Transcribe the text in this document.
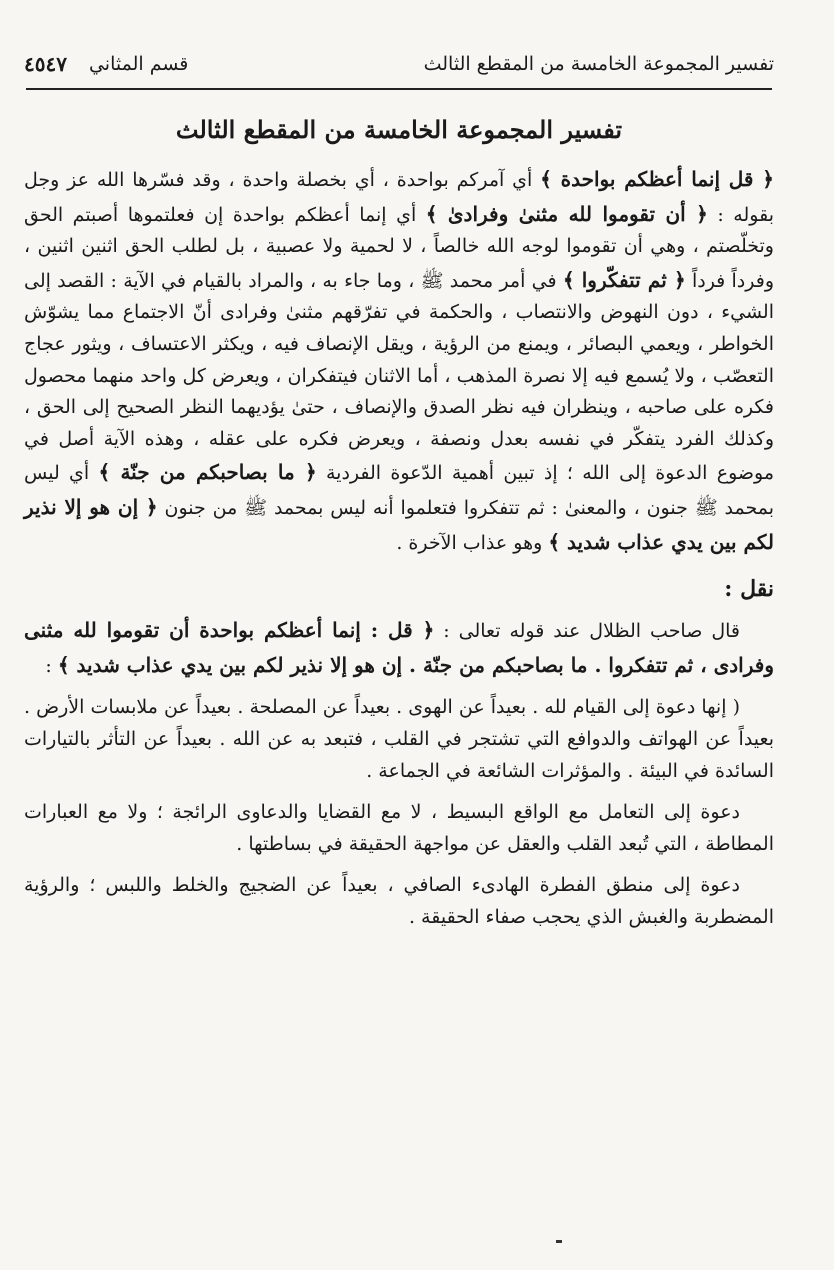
تفسير المجموعة الخامسة من المقطع الثالث
قسم المثاني
٤٥٤٧
تفسير المجموعة الخامسة من المقطع الثالث

﴿ قل إنما أعظكم بواحدة ﴾ أي آمركم بواحدة ، أي بخصلة واحدة ، وقد فسّرها الله عز وجل بقوله : ﴿ أن تقوموا لله مثنىٰ وفرادىٰ ﴾ أي إنما أعظكم بواحدة إن فعلتموها أصبتم الحق وتخلّصتم ، وهي أن تقوموا لوجه الله خالصاً ، لا لحمية ولا عصبية ، بل لطلب الحق اثنين اثنين ، وفرداً فرداً ﴿ ثم تتفكّروا ﴾ في أمر محمد ﷺ ، وما جاء به ، والمراد بالقيام في الآية : القصد إلى الشيء ، دون النهوض والانتصاب ، والحكمة في تفرّقهم مثنىٰ وفرادى أنّ الاجتماع مما يشوّش الخواطر ، ويعمي البصائر ، ويمنع من الرؤية ، ويقل الإنصاف فيه ، ويكثر الاعتساف ، ويثور عجاج التعصّب ، ولا يُسمع فيه إلا نصرة المذهب ، أما الاثنان فيتفكران ، ويعرض كل واحد منهما محصول فكره على صاحبه ، وينظران فيه نظر الصدق والإنصاف ، حتىٰ يؤديهما النظر الصحيح إلى الحق ، وكذلك الفرد يتفكّر في نفسه بعدل ونصفة ، ويعرض فكره على عقله ، وهذه الآية أصل في موضوع الدعوة إلى الله ؛ إذ تبين أهمية الدّعوة الفردية ﴿ ما بصاحبكم من جنّة ﴾ أي ليس بمحمد ﷺ جنون ، والمعنىٰ : ثم تتفكروا فتعلموا أنه ليس بمحمد ﷺ من جنون ﴿ إن هو إلا نذير لكم بين يدي عذاب شديد ﴾ وهو عذاب الآخرة .

نقل :

قال صاحب الظلال عند قوله تعالى : ﴿ قل : إنما أعظكم بواحدة أن تقوموا لله مثنى وفرادى ، ثم تتفكروا . ما بصاحبكم من جنّة . إن هو إلا نذير لكم بين يدي عذاب شديد ﴾ :

( إنها دعوة إلى القيام لله . بعيداً عن الهوى . بعيداً عن المصلحة . بعيداً عن ملابسات الأرض . بعيداً عن الهواتف والدوافع التي تشتجر في القلب ، فتبعد به عن الله . بعيداً عن التأثر بالتيارات السائدة في البيئة . والمؤثرات الشائعة في الجماعة .

دعوة إلى التعامل مع الواقع البسيط ، لا مع القضايا والدعاوى الرائجة ؛ ولا مع العبارات المطاطة ، التي تُبعد القلب والعقل عن مواجهة الحقيقة في بساطتها .

دعوة إلى منطق الفطرة الهادىء الصافي ، بعيداً عن الضجيج والخلط واللبس ؛ والرؤية المضطربة والغبش الذي يحجب صفاء الحقيقة .
